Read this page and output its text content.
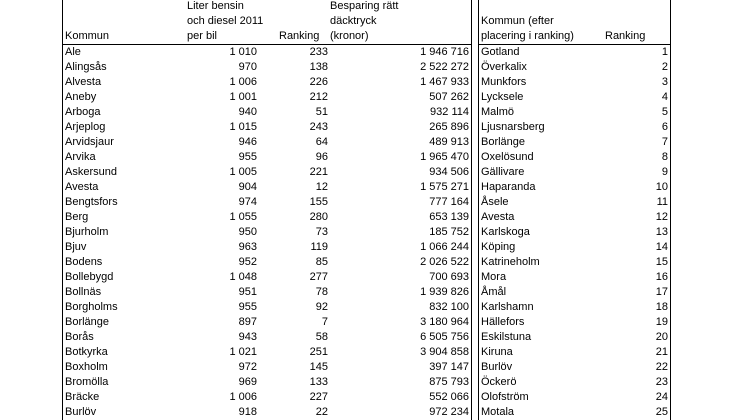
Kommun
Liter bensin
och diesel 2011
per bil	Ranking
Besparing rätt
däcktryck
(kronor)
Ale	1 010	233	1 946 716
Alingsås	970	138	2 522 272
Alvesta	1 006	226	1 467 933
Aneby	1 001	212	507 262
Arboga	940	51	932 114
Arjeplog	1 015	243	265 896
Arvidsjaur	946	64	489 913
Arvika	955	96	1 965 470
Askersund	1 005	221	934 506
Avesta	904	12	1 575 271
Bengtsfors	974	155	777 164
Berg	1 055	280	653 139
Bjurholm	950	73	185 752
Bjuv	963	119	1 066 244
Bodens	952	85	2 026 522
Bollebygd	1 048	277	700 693
Bollnäs	951	78	1 939 826
Borgholms	955	92	832 100
Borlänge	897	7	3 180 964
Borås	943	58	6 505 756
Botkyrka	1 021	251	3 904 858
Boxholm	972	145	397 147
Bromölla	969	133	875 793
Bräcke	1 006	227	552 066
Burlöv	918	22	972 234
Kommun (efter
placering i ranking)	Ranking
Gotland	1
Överkalix	2
Munkfors	3
Lycksele	4
Malmö	5
Ljusnarsberg	6
Borlänge	7
Oxelösund	8
Gällivare	9
Haparanda	10
Åsele	11
Avesta	12
Karlskoga	13
Köping	14
Katrineholm	15
Mora	16
Åmål	17
Karlshamn	18
Hällefors	19
Eskilstuna	20
Kiruna	21
Burlöv	22
Öckerö	23
Olofström	24
Motala	25
